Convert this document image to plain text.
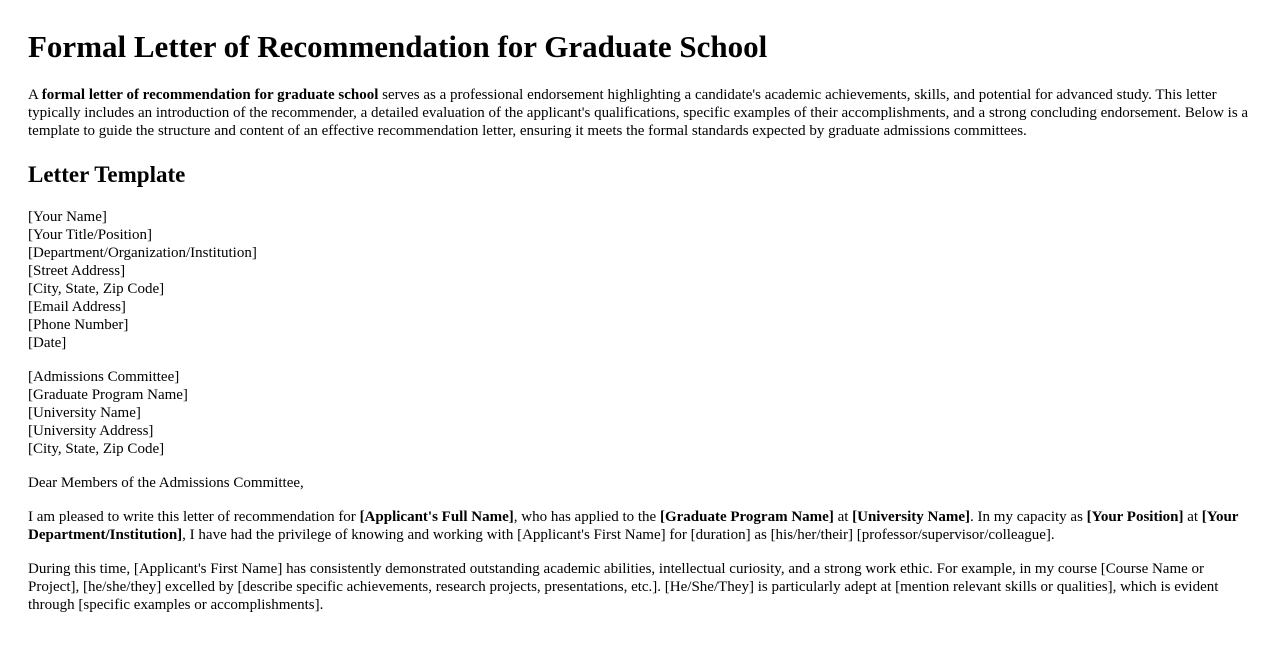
Formal Letter of Recommendation for Graduate School

A formal letter of recommendation for graduate school serves as a professional endorsement highlighting a candidate's academic achievements, skills, and potential for advanced study. This letter typically includes an introduction of the recommender, a detailed evaluation of the applicant's qualifications, specific examples of their accomplishments, and a strong concluding endorsement. Below is a template to guide the structure and content of an effective recommendation letter, ensuring it meets the formal standards expected by graduate admissions committees.

Letter Template
[Your Name]
[Your Title/Position]
[Department/Organization/Institution]
[Street Address]
[City, State, Zip Code]
[Email Address]
[Phone Number]
[Date]
[Admissions Committee]
[Graduate Program Name]
[University Name]
[University Address]
[City, State, Zip Code]

Dear Members of the Admissions Committee,

I am pleased to write this letter of recommendation for [Applicant's Full Name], who has applied to the [Graduate Program Name] at [University Name]. In my capacity as [Your Position] at [Your Department/Institution], I have had the privilege of knowing and working with [Applicant's First Name] for [duration] as [his/her/their] [professor/supervisor/colleague].

During this time, [Applicant's First Name] has consistently demonstrated outstanding academic abilities, intellectual curiosity, and a strong work ethic. For example, in my course [Course Name or Project], [he/she/they] excelled by [describe specific achievements, research projects, presentations, etc.]. [He/She/They] is particularly adept at [mention relevant skills or qualities], which is evident through [specific examples or accomplishments].
